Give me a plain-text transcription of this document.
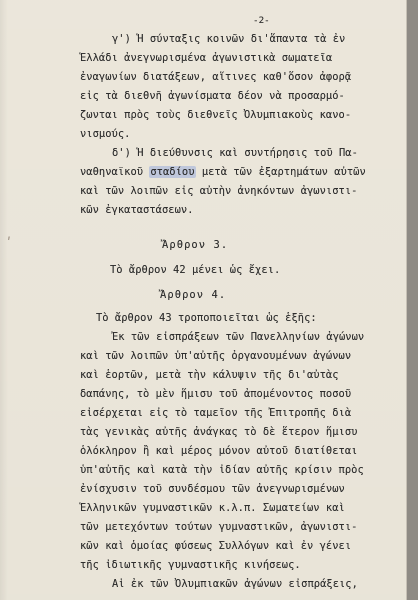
-2-
γ') Ἡ σύνταξις κοινῶν δι'ἅπαντα τὰ ἐν
Ἑλλάδι ἀνεγνωρισμένα ἀγωνιστικὰ σωματεῖα
ἐναγωνίων διατάξεων, αἵτινες καθ'ὅσον ἀφορᾷ
εἰς τὰ διεθνῆ ἀγωνίσματα δέον νὰ προσαρμό-
ζωνται πρὸς τοὺς διεθνεῖς Ὀλυμπιακοὺς κανο-
νισμούς.
δ') Ἡ διεύθυνσις καὶ συντήρησις τοῦ Πα-
ναθηναϊκοῦ σταδίου μετὰ τῶν ἐξαρτημάτων αὐτῶν
καὶ τῶν λοιπῶν εἰς αὐτὴν ἀνηκόντων ἀγωνιστι-
κῶν ἐγκαταστάσεων.
Ἄρθρον 3.
Τὸ ἄρθρον 42 μένει ὡς ἔχει.
Ἄρθρον 4.
Τὸ ἄρθρον 43 τροποποιεῖται ὡς ἑξῆς:
Ἐκ τῶν εἰσπράξεων τῶν Πανελληνίων ἀγώνων
καὶ τῶν λοιπῶν ὑπ'αὐτῆς ὀργανουμένων ἀγώνων
καὶ ἑορτῶν, μετὰ τὴν κάλυψιν τῆς δι'αὐτὰς
δαπάνης, τὸ μὲν ἥμισυ τοῦ ἀπομένοντος ποσοῦ
εἰσέρχεται εἰς τὸ ταμεῖον τῆς Ἐπιτροπῆς διὰ
τὰς γενικὰς αὐτῆς ἀνάγκας τὸ δὲ ἕτερον ἥμισυ
ὁλόκληρον ἢ καὶ μέρος μόνον αὐτοῦ διατίθεται
ὑπ'αὐτῆς καὶ κατὰ τὴν ἰδίαν αὐτῆς κρίσιν πρὸς
ἐνίσχυσιν τοῦ συνδέσμου τῶν ἀνεγνωρισμένων
Ἑλληνικῶν γυμναστικῶν κ.λ.π. Σωματείων καὶ
τῶν μετεχόντων τούτων γυμναστικῶν, ἀγωνιστι-
κῶν καὶ ὁμοίας φύσεως Συλλόγων καὶ ἐν γένει
τῆς ἰδιωτικῆς γυμναστικῆς κινήσεως.
Αἱ ἐκ τῶν Ὀλυμπιακῶν ἀγώνων εἰσπράξεις,
ʹ
